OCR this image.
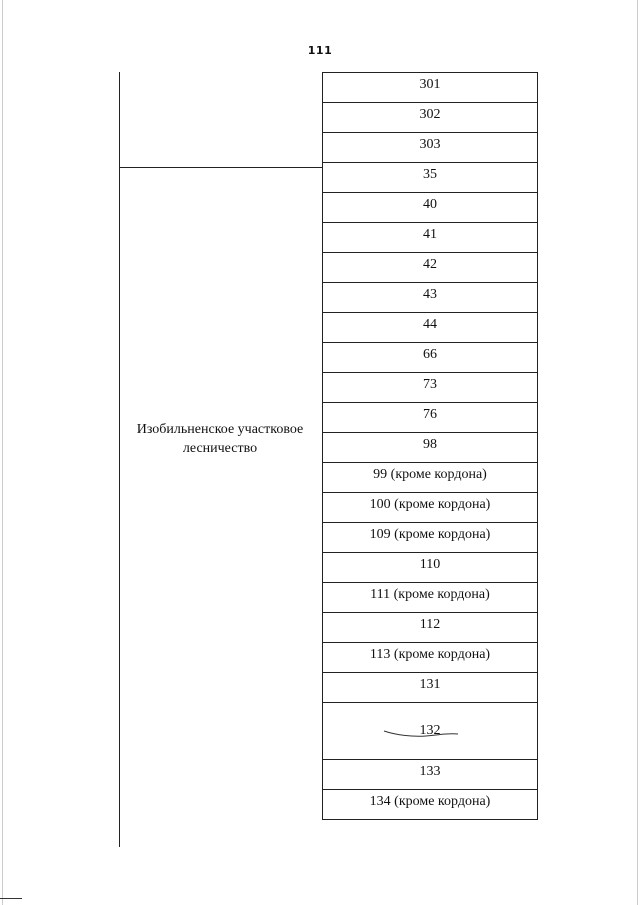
111
Изобильненское участковое лесничество
301
302
303
35
40
41
42
43
44
66
73
76
98
99 (кроме кордона)
100 (кроме кордона)
109 (кроме кордона)
110
111 (кроме кордона)
112
113 (кроме кордона)
131

132
133
134 (кроме кордона)
